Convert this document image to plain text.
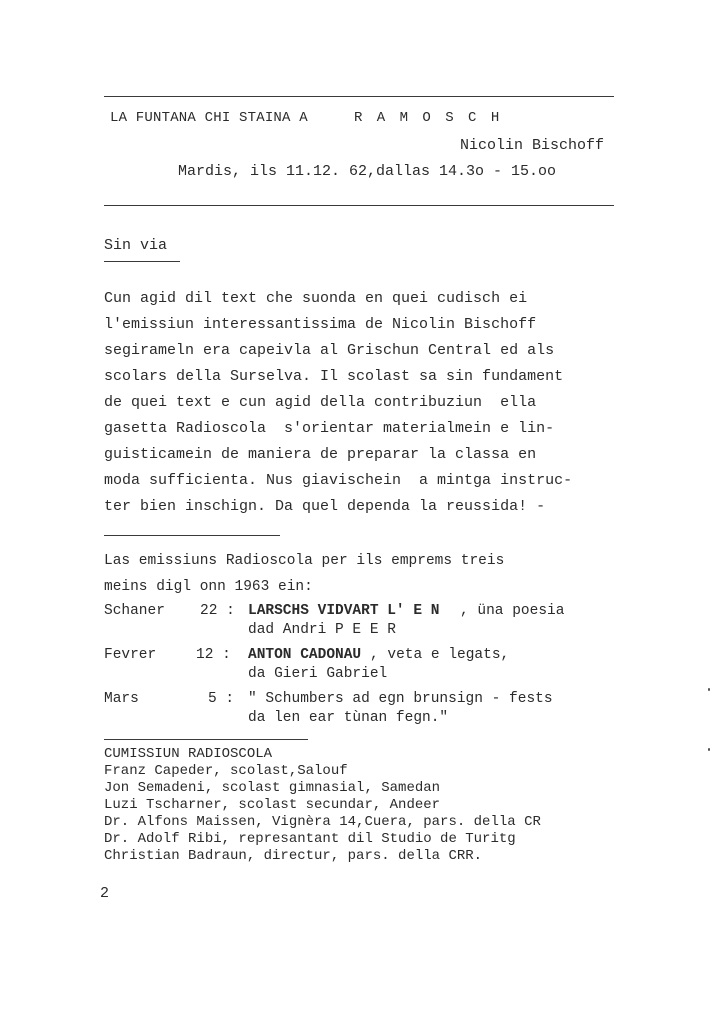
LA FUNTANA CHI STAINA A	R A M O S C H
Nicolin Bischoff
Mardis, ils 11.12. 62,dallas 14.3o - 15.oo
Sin via
Cun agid dil text che suonda en quei cudisch ei
l'emissiun interessantissima de Nicolin Bischoff
segirameln era capeivla al Grischun Central ed als
scolars della Surselva. Il scolast sa sin fundament
de quei text e cun agid della contribuziun  ella
gasetta Radioscola  s'orientar materialmein e lin-
guisticamein de maniera de preparar la classa en
moda sufficienta. Nus giavischein  a mintga instruc-
ter bien inschign. Da quel dependa la reussida! -
Las emissiuns Radioscola per ils emprems treis
meins digl onn 1963 ein:
Schaner 22 : LARSCHS VIDVART L' E N , üna poesia
dad Andri P E E R
Fevrer	12 : ANTON CADONAU , veta e legats,
da Gieri Gabriel
Mars	5 : " Schumbers ad egn brunsign - fests
da len ear tùnan fegn."
CUMISSIUN RADIOSCOLA
Franz Capeder, scolast,Salouf
Jon Semadeni, scolast gimnasial, Samedan
Luzi Tscharner, scolast secundar, Andeer
Dr. Alfons Maissen, Vignèra 14,Cuera, pars. della CR
Dr. Adolf Ribi, represantant dil Studio de Turitg
Christian Badraun, directur, pars. della CRR.
2
